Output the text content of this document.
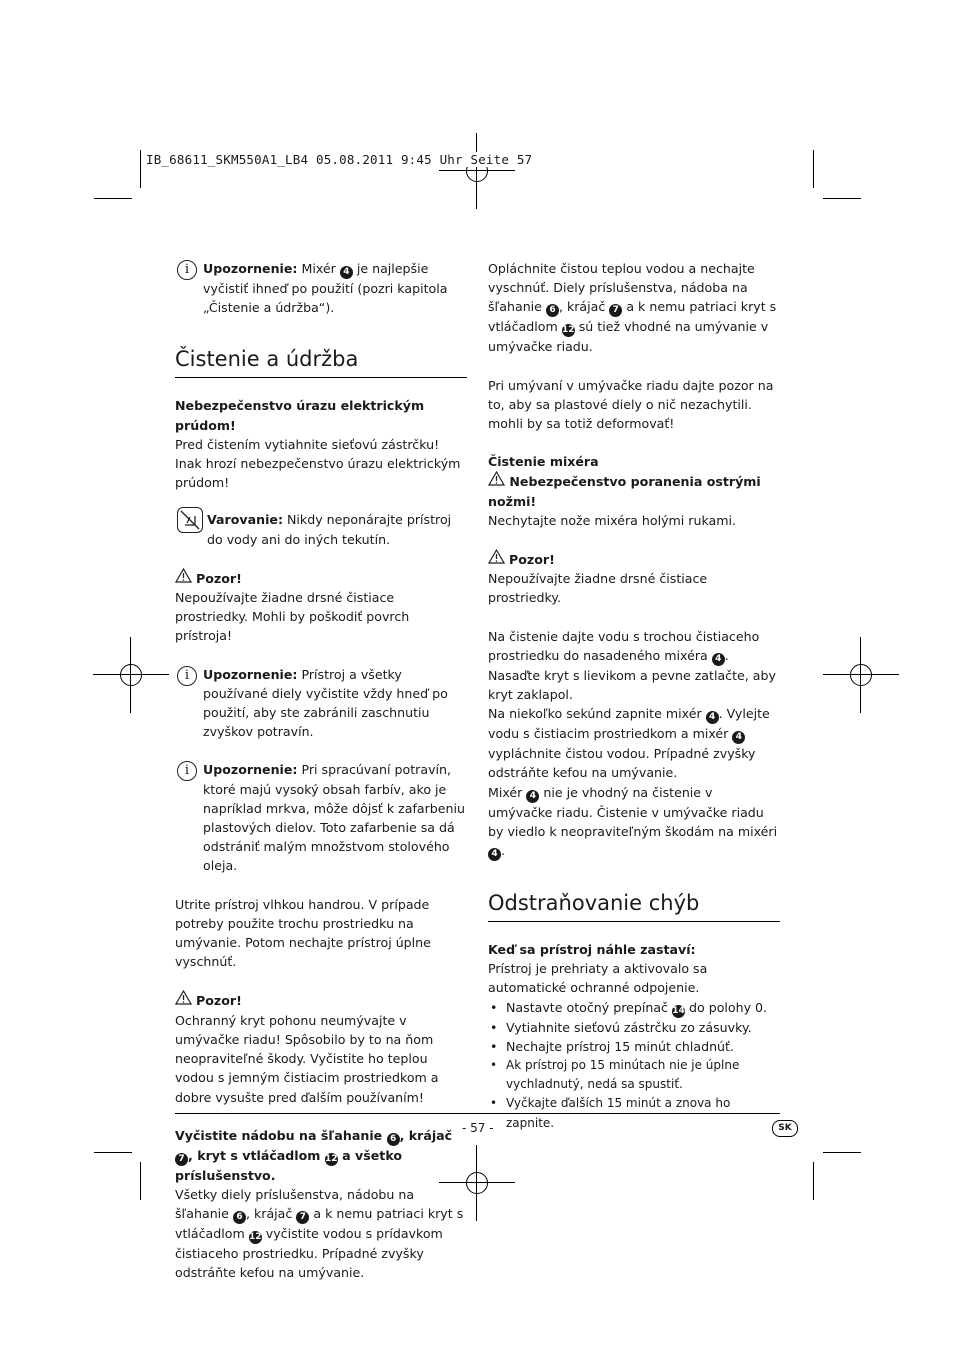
IB_68611_SKM550A1_LB4 05.08.2011 9:45 Uhr Seite 57
i	Upozornenie: Mixér 4 je najlepšie vyčistiť ihneď po použití (pozri kapitola „Čistenie a údržba“).

Čistenie a údržba

Nebezpečenstvo úrazu elektrickým prúdom!

Pred čistením vytiahnite sieťovú zástrčku! Inak hrozí nebezpečenstvo úrazu elektrickým prúdom!

Varovanie: Nikdy neponárajte prístroj do vody ani do iných tekutín.

Pozor!

Nepoužívajte žiadne drsné čistiace prostriedky. Mohli by poškodiť povrch prístroja!

i	Upozornenie: Prístroj a všetky používané diely vyčistite vždy hneď po použití, aby ste zabránili zaschnutiu zvyškov potravín.

i	Upozornenie: Pri spracúvaní potravín, ktoré majú vysoký obsah farbív, ako je napríklad mrkva, môže dôjsť k zafarbeniu plastových dielov. Toto zafarbenie sa dá odstrániť malým množstvom stolového oleja.

Utrite prístroj vlhkou handrou. V prípade potreby použite trochu prostriedku na umývanie. Potom nechajte prístroj úplne vyschnúť.

Pozor!

Ochranný kryt pohonu neumývajte v umývačke riadu! Spôsobilo by to na ňom neopraviteľné škody. Vyčistite ho teplou vodou s jemným čistiacim prostriedkom a dobre vysušte pred ďalším používaním!

Vyčistite nádobu na šľahanie 6 , krájač 7 , kryt s vtláčadlom 12 a všetko príslušenstvo.

Všetky diely príslušenstva, nádobu na šľahanie 6 , krájač 7 a k nemu patriaci kryt s vtláčadlom 12 vyčistite vodou s prídavkom čistiaceho prostriedku. Prípadné zvyšky odstráňte kefou na umývanie.

Opláchnite čistou teplou vodou a nechajte vyschnúť. Diely príslušenstva, nádoba na šľahanie 6 , krájač 7 a k nemu patriaci kryt s vtláčadlom 12 sú tiež vhodné na umývanie v umývačke riadu.

Pri umývaní v umývačke riadu dajte pozor na to, aby sa plastové diely o nič nezachytili. mohli by sa totiž deformovať!

Čistenie mixéra

Nebezpečenstvo poranenia ostrými nožmi!

Nechytajte nože mixéra holými rukami.

Pozor!

Nepoužívajte žiadne drsné čistiace prostriedky.

Na čistenie dajte vodu s trochou čistiaceho prostriedku do nasadeného mixéra 4 .
Nasaďte kryt s lievikom a pevne zatlačte, aby kryt zaklapol.
Na niekoľko sekúnd zapnite mixér 4 . Vylejte vodu s čistiacim prostriedkom a mixér 4 vypláchnite čistou vodou. Prípadné zvyšky odstráňte kefou na umývanie.
Mixér 4 nie je vhodný na čistenie v umývačke riadu. Čistenie v umývačke riadu by viedlo k neopraviteľným škodám na mixéri 4 .

Odstraňovanie chýb

Keď sa prístroj náhle zastaví:

Prístroj je prehriaty a aktivovalo sa automatické ochranné odpojenie.

• Nastavte otočný prepínač 14 do polohy 0.
• Vytiahnite sieťovú zástrčku zo zásuvky.
• Nechajte prístroj 15 minút chladnúť.
• Ak prístroj po 15 minútach nie je úplne vychladnutý, nedá sa spustiť.
• Vyčkajte ďalších 15 minút a znova ho zapnite.
- 57 -	SK
